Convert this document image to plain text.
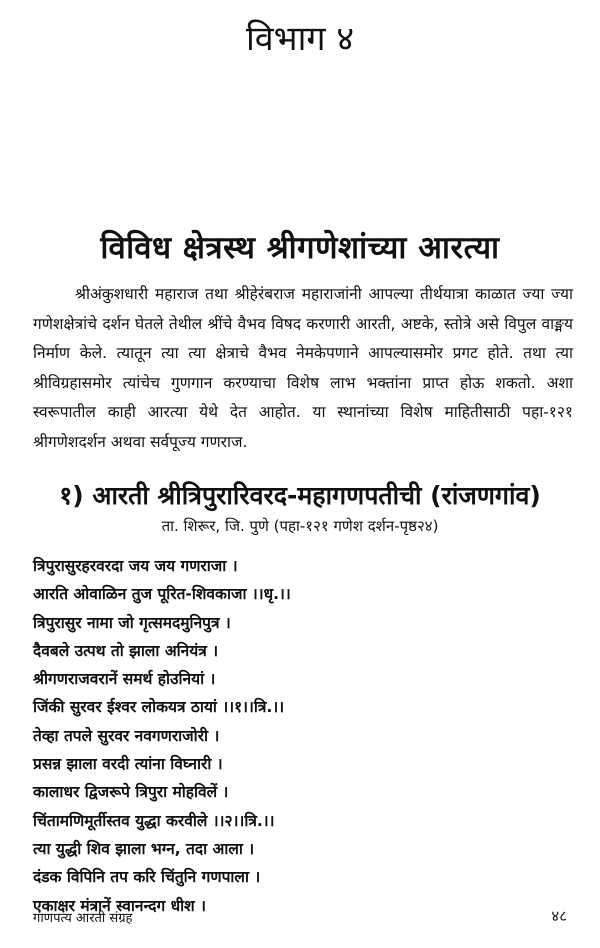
विभाग ४
विविध क्षेत्रस्थ श्रीगणेशांच्या आरत्या

श्रीअंकुशधारी महाराज तथा श्रीहेरंबराज महाराजांनी आपल्या तीर्थयात्रा काळात ज्या ज्या गणेशक्षेत्रांचे दर्शन घेतले तेथील श्रींचे वैभव विषद करणारी आरती, अष्टके, स्तोत्रे असे विपुल वाङ्मय निर्माण केले. त्यातून त्या त्या क्षेत्राचे वैभव नेमकेपणाने आपल्यासमोर प्रगट होते. तथा त्या श्रीविग्रहासमोर त्यांचेच गुणगान करण्याचा विशेष लाभ भक्तांना प्राप्त होऊ शकतो. अशा स्वरूपातील काही आरत्या येथे देत आहोत. या स्थानांच्या विशेष माहितीसाठी पहा-१२१ श्रीगणेशदर्शन अथवा सर्वपूज्य गणराज.

१) आरती श्रीत्रिपुरारिवरद-महागणपतीची (रांजणगांव)
ता. शिरूर, जि. पुणे (पहा-१२१ गणेश दर्शन-पृष्ठ२४)
त्रिपुरासुरहरवरदा जय जय गणराजा ।
आरति ओवाळिन तुज पूरित-शिवकाजा ।।धृ.।।
त्रिपुरासुर नामा जो गृत्समदमुनिपुत्र ।
दैवबले उत्पथ तो झाला अनियंत्र ।
श्रीगणराजवरानें समर्थ होउनियां ।
जिंकी सुरवर ईश्वर लोकयत्र ठायां ।।१।।त्रि.।।
तेव्हा तपले सुरवर नवगणराजोरी ।
प्रसन्न झाला वरदी त्यांना विघ्नारी ।
कालाधर द्विजरूपे त्रिपुरा मोहविलें ।
चिंतामणिमूर्तीस्तव युद्धा करवीले ।।२।।त्रि.।।
त्या युद्धी शिव झाला भग्न, तदा आला ।
दंडक विपिनि तप करि चिंतुनि गणपाला ।
एकाक्षर मंत्रानें स्वानन्दग धीश ।
गाणपत्य आरती संग्रह	४८
